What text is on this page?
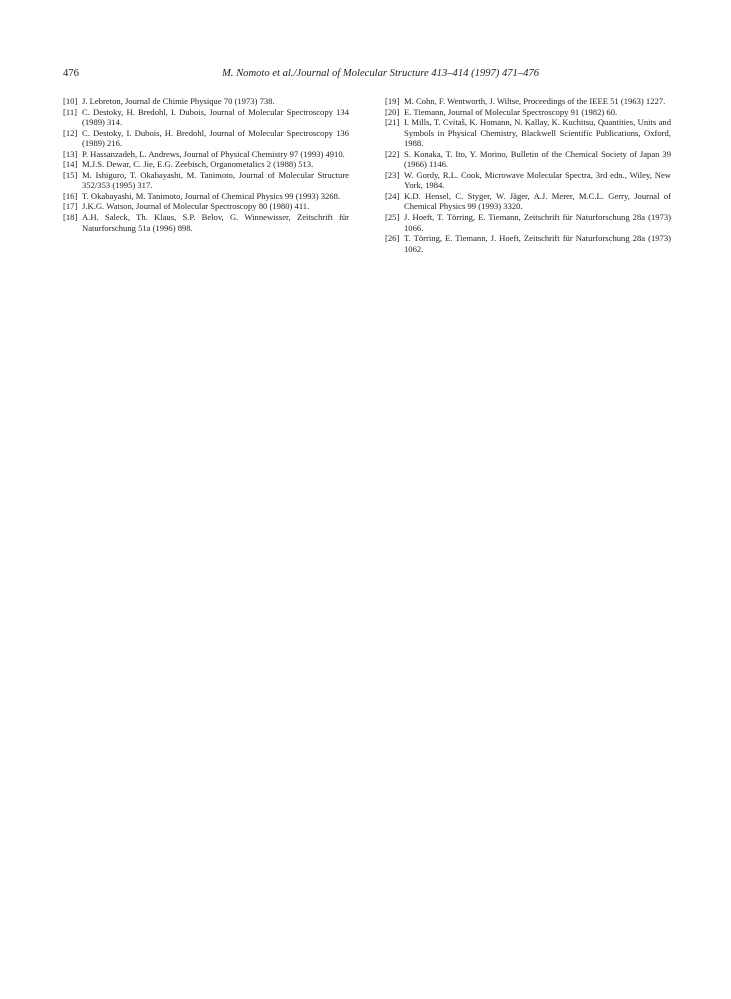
476	M. Nomoto et al./Journal of Molecular Structure 413–414 (1997) 471–476
[10] J. Lebreton, Journal de Chimie Physique 70 (1973) 738.
[11] C. Destoky, H. Bredohl, I. Dubois, Journal of Molecular Spectroscopy 134 (1989) 314.
[12] C. Destoky, I. Dubois, H. Bredohl, Journal of Molecular Spectroscopy 136 (1989) 216.
[13] P. Hassanzadeh, L. Andrews, Journal of Physical Chemistry 97 (1993) 4910.
[14] M.J.S. Dewar, C. Jie, E.G. Zeebisch, Organometalics 2 (1988) 513.
[15] M. Ishiguro, T. Okabayashi, M. Tanimoto, Journal of Molecular Structure 352/353 (1995) 317.
[16] T. Okabayashi, M. Tanimoto, Journal of Chemical Physics 99 (1993) 3268.
[17] J.K.G. Watson, Journal of Molecular Spectroscopy 80 (1980) 411.
[18] A.H. Saleck, Th. Klaus, S.P. Belov, G. Winnewisser, Zeitschrift für Naturforschung 51a (1996) 898.
[19] M. Cohn, F. Wentworth, J. Wiltse, Proceedings of the IEEE 51 (1963) 1227.
[20] E. Tiemann, Journal of Molecular Spectroscopy 91 (1982) 60.
[21] I. Mills, T. Cvitaš, K. Homann, N. Kallay, K. Kuchitsu, Quantities, Units and Symbols in Physical Chemistry, Blackwell Scientific Publications, Oxford, 1988.
[22] S. Konaka, T. Ito, Y. Morino, Bulletin of the Chemical Society of Japan 39 (1966) 1146.
[23] W. Gordy, R.L. Cook, Microwave Molecular Spectra, 3rd edn., Wiley, New York, 1984.
[24] K.D. Hensel, C. Styger, W. Jäger, A.J. Merer, M.C.L. Gerry, Journal of Chemical Physics 99 (1993) 3320.
[25] J. Hoeft, T. Törring, E. Tiemann, Zeitschrift für Naturforschung 28a (1973) 1066.
[26] T. Törring, E. Tiemann, J. Hoeft, Zeitschrift für Naturforschung 28a (1973) 1062.
